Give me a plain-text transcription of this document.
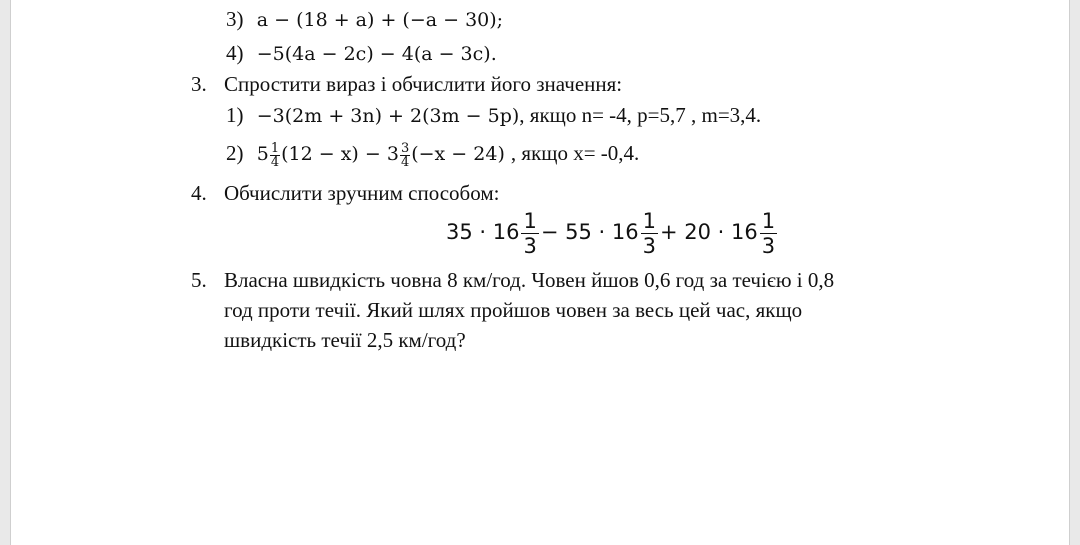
3) a − (18 + a) + (−a − 30);
4) −5(4a − 2c) − 4(a − 3c).
3. Спростити вираз і обчислити його значення:
1) −3(2m + 3n) + 2(3m − 5p), якщо n= -4, p=5,7 , m=3,4.
2) $5 \frac{1}{4} (12 - x) - 3 \frac{3}{4} (-x - 24)$ , якщо x= -0,4.
4. Обчислити зручним способом:
$35 \cdot 16 \frac{1}{3} - 55 \cdot 16 \frac{1}{3} + 20 \cdot 16 \frac{1}{3}$
5. Власна швидкість човна 8 км/год. Човен йшов 0,6 год за течією і 0,8
год проти течії. Який шлях пройшов човен за весь цей час, якщо
швидкість течії 2,5 км/год?
